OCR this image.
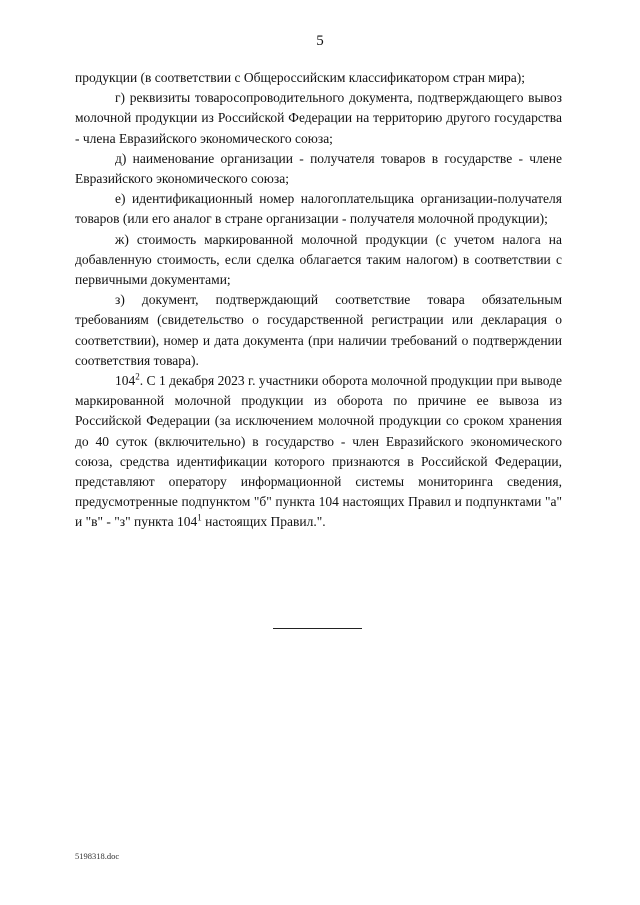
5

продукции (в соответствии с Общероссийским классификатором стран мира);

г) реквизиты товаросопроводительного документа, подтверждающего вывоз молочной продукции из Российской Федерации на территорию другого государства - члена Евразийского экономического союза;

д) наименование организации - получателя товаров в государстве - члене Евразийского экономического союза;

е) идентификационный номер налогоплательщика организации-получателя товаров (или его аналог в стране организации - получателя молочной продукции);

ж) стоимость маркированной молочной продукции (с учетом налога на добавленную стоимость, если сделка облагается таким налогом) в соответствии с первичными документами;

з) документ, подтверждающий соответствие товара обязательным требованиям (свидетельство о государственной регистрации или декларация о соответствии), номер и дата документа (при наличии требований о подтверждении соответствия товара).

$104^2$. С 1 декабря 2023 г. участники оборота молочной продукции при выводе маркированной молочной продукции из оборота по причине ее вывоза из Российской Федерации (за исключением молочной продукции со сроком хранения до 40 суток (включительно) в государство - член Евразийского экономического союза, средства идентификации которого признаются в Российской Федерации, представляют оператору информационной системы мониторинга сведения, предусмотренные подпунктом "б" пункта 104 настоящих Правил и подпунктами "а" и "в" - "з" пункта $104^1$ настоящих Правил.".

5198318.doc
